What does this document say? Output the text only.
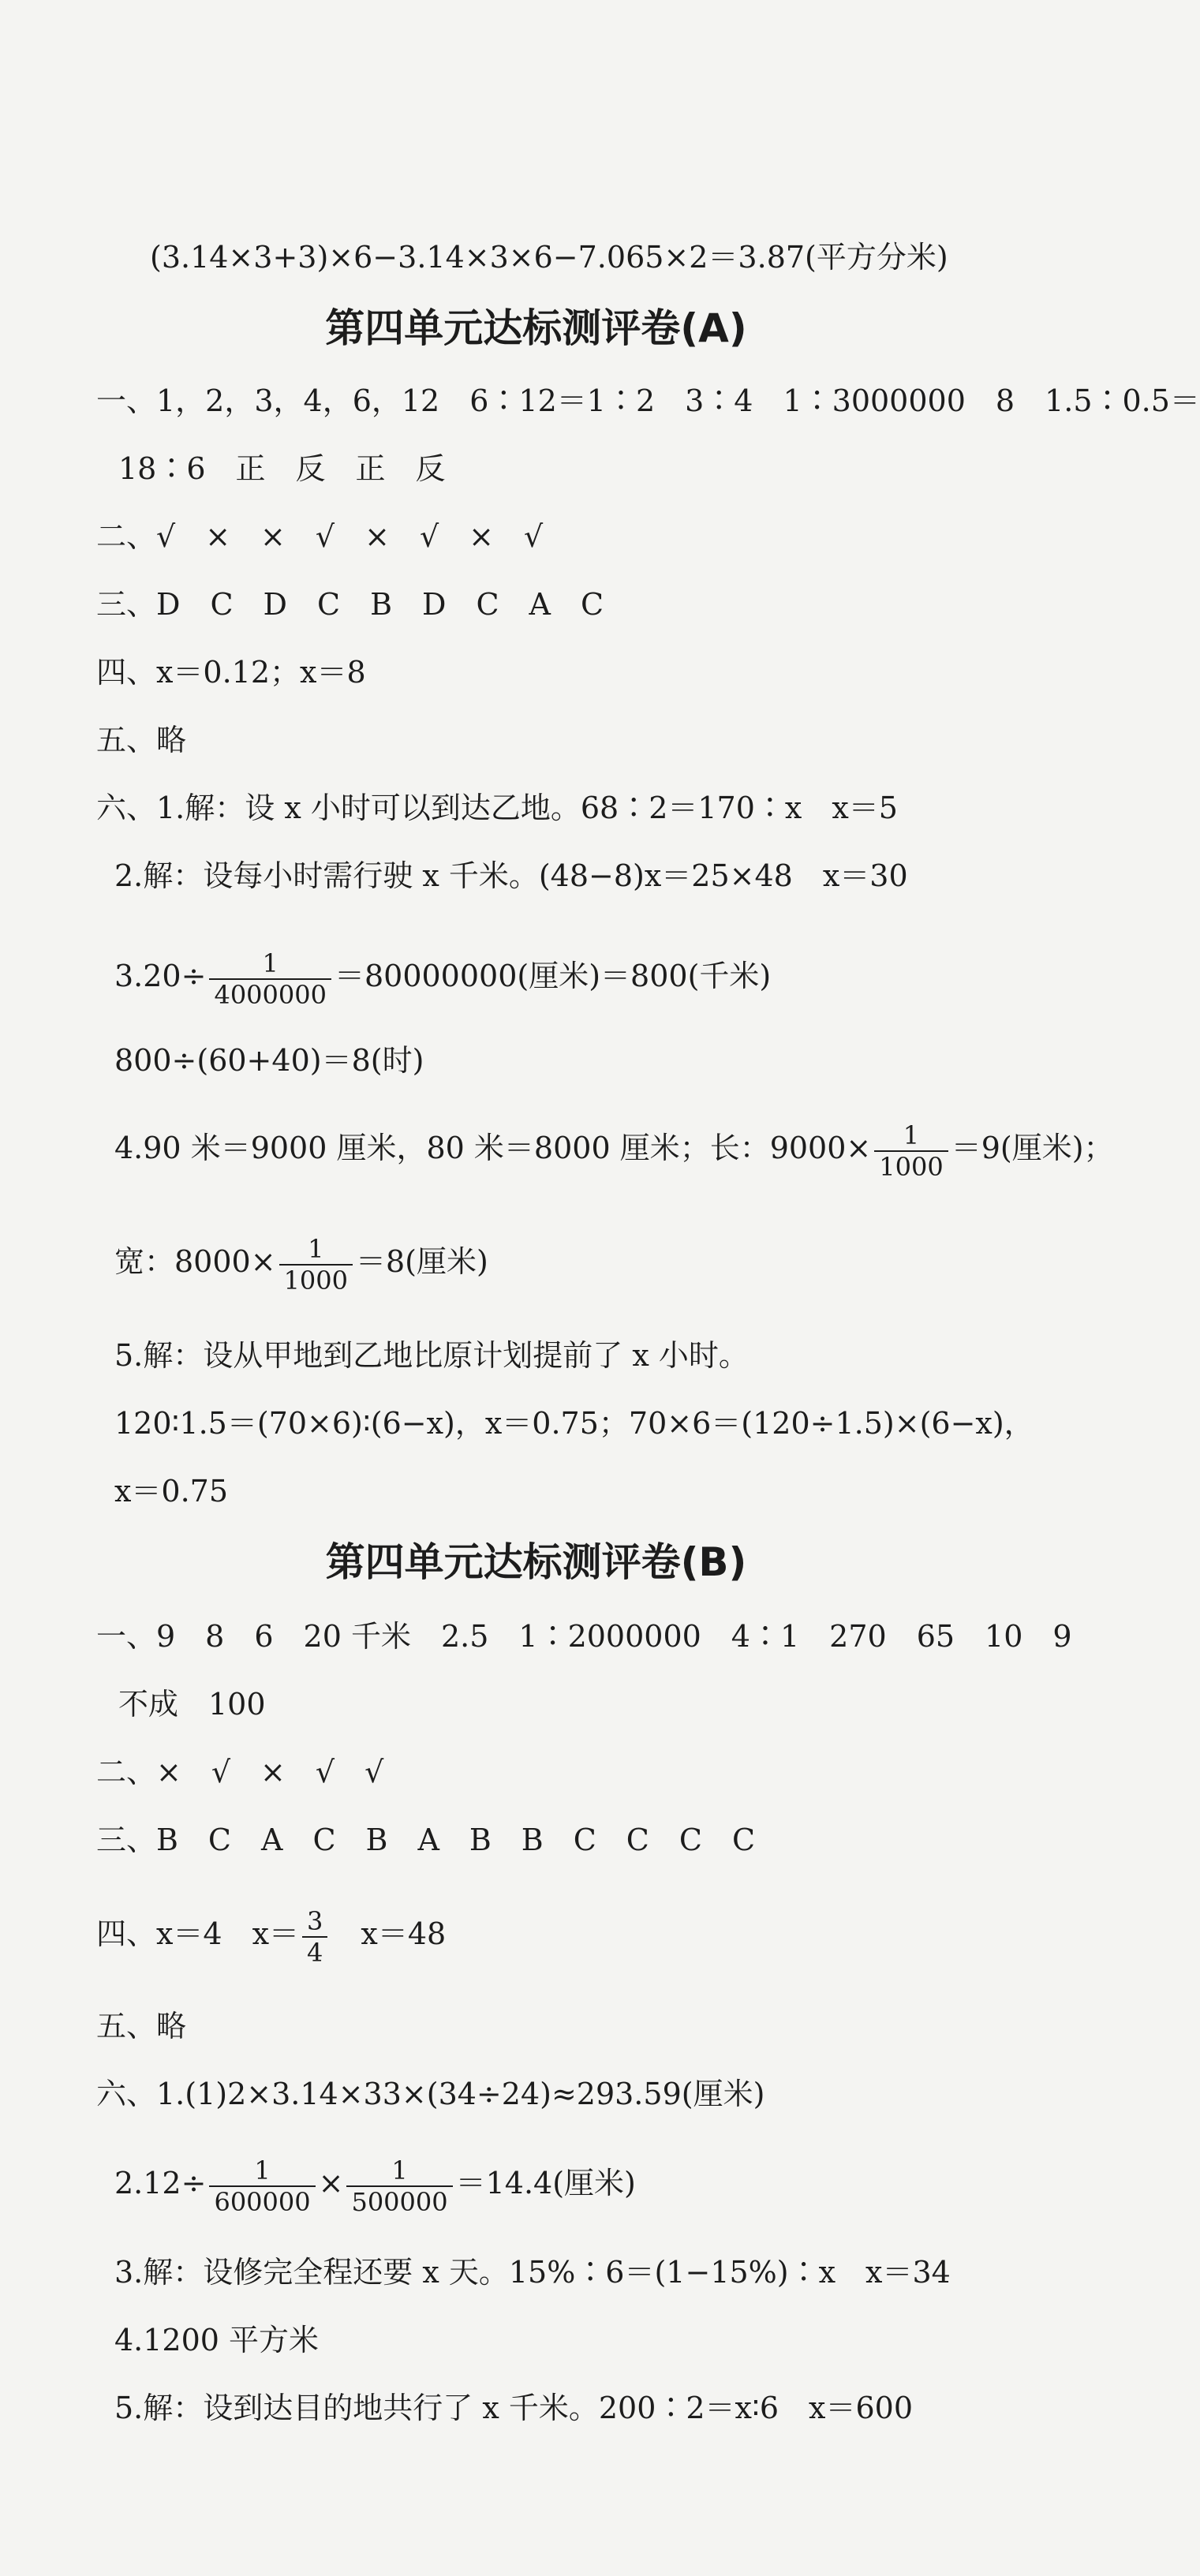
(3.14×3+3)×6−3.14×3×6−7.065×2＝3.87(平方分米)
第四单元达标测评卷(A)
一、1，2，3，4，6，12　6∶12＝1∶2　3∶4　1∶3000000　8　1.5∶0.5＝
18∶6　正　反　正　反
二、√　×　×　√　×　√　×　√
三、D　C　D　C　B　D　C　A　C
四、x＝0.12；x＝8
五、略
六、1.解：设 x 小时可以到达乙地。68∶2＝170∶x　x＝5
2.解：设每小时需行驶 x 千米。(48−8)x＝25×48　x＝30
$3.20\div \frac{1}{4000000} =80000000$(厘米)＝800(千米)
800÷(60+40)＝8(时)
4.90 米＝9000 厘米，80 米＝8000 厘米；长：$9000\times \frac{1}{1000} =9$(厘米)；
宽：$8000\times \frac{1}{1000} =8$(厘米)
5.解：设从甲地到乙地比原计划提前了 x 小时。
120∶1.5＝(70×6)∶(6−x)，x＝0.75；70×6＝(120÷1.5)×(6−x)，
x＝0.75
第四单元达标测评卷(B)
一、9　8　6　20 千米　2.5　1∶2000000　4∶1　270　65　10　9
不成　100
二、×　√　×　√　√
三、B　C　A　C　B　A　B　B　C　C　C　C
四、x＝4　$x= \frac{3}{4}$ 　x＝48
五、略
六、1.(1)2×3.14×33×(34÷24)≈293.59(厘米)
$2.12\div \frac{1}{600000} \times \frac{1}{500000} =14.4$(厘米)
3.解：设修完全程还要 x 天。15%∶6＝(1−15%)∶x　x＝34
4.1200 平方米
5.解：设到达目的地共行了 x 千米。200∶2＝x∶6　x＝600
